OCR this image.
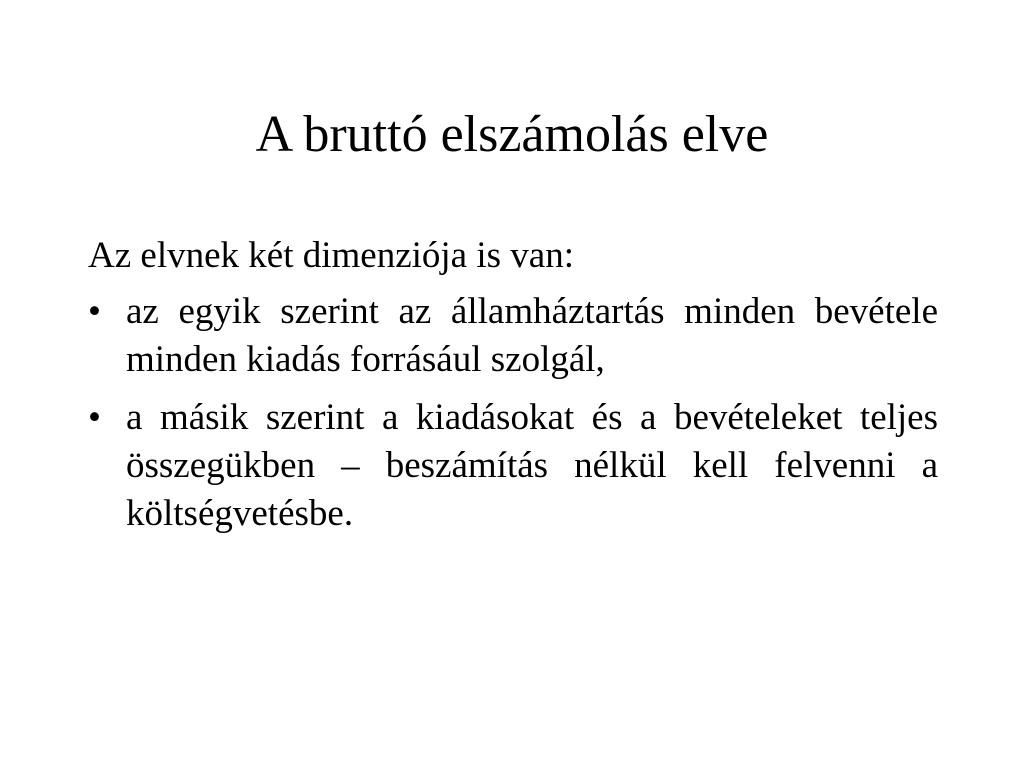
A bruttó elszámolás elve

Az elvnek két dimenziója is van:

• az egyik szerint az államháztartás minden bevétele minden kiadás forrásául szolgál,
• a másik szerint a kiadásokat és a bevételeket teljes összegükben – beszámítás nélkül kell felvenni a költségvetésbe.
